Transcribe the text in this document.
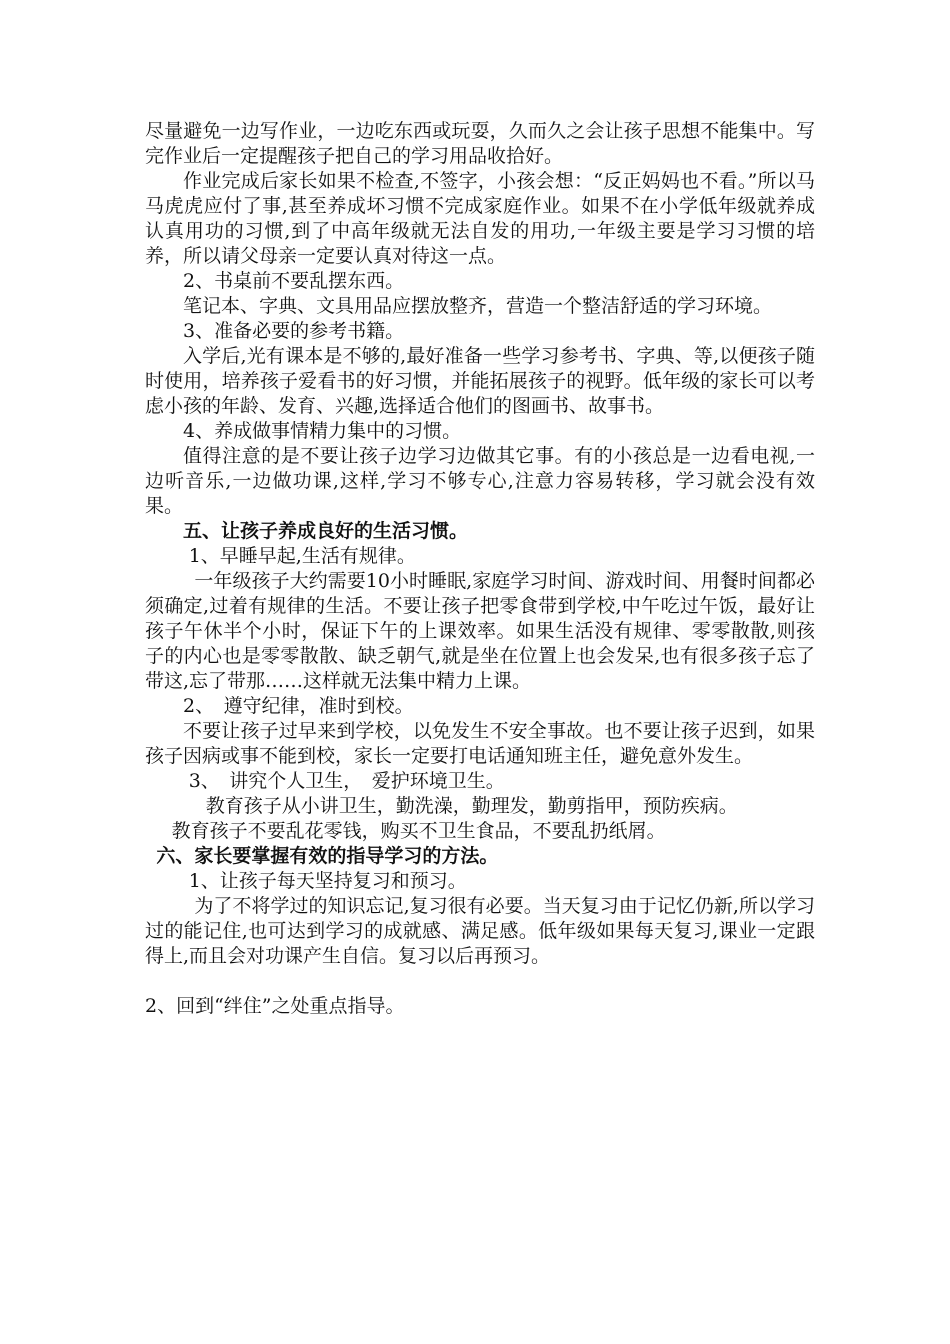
尽量避免一边写作业，一边吃东西或玩耍，久而久之会让孩子思想不能集中。写完作业后一定提醒孩子把自己的学习用品收拾好。

作业完成后家长如果不检查,不签字，小孩会想：“反正妈妈也不看。”所以马马虎虎应付了事,甚至养成坏习惯不完成家庭作业。如果不在小学低年级就养成认真用功的习惯,到了中高年级就无法自发的用功,一年级主要是学习习惯的培养，所以请父母亲一定要认真对待这一点。

2、书桌前不要乱摆东西。

笔记本、字典、文具用品应摆放整齐，营造一个整洁舒适的学习环境。

3、准备必要的参考书籍。

入学后,光有课本是不够的,最好准备一些学习参考书、字典、等,以便孩子随时使用，培养孩子爱看书的好习惯，并能拓展孩子的视野。低年级的家长可以考虑小孩的年龄、发育、兴趣,选择适合他们的图画书、故事书。

4、养成做事情精力集中的习惯。

值得注意的是不要让孩子边学习边做其它事。有的小孩总是一边看电视,一边听音乐,一边做功课,这样,学习不够专心,注意力容易转移，学习就会没有效果。

五、让孩子养成良好的生活习惯。

1、早睡早起,生活有规律。

一年级孩子大约需要10小时睡眠,家庭学习时间、游戏时间、用餐时间都必须确定,过着有规律的生活。不要让孩子把零食带到学校,中午吃过午饭，最好让孩子午休半个小时，保证下午的上课效率。如果生活没有规律、零零散散,则孩子的内心也是零零散散、缺乏朝气,就是坐在位置上也会发呆,也有很多孩子忘了带这,忘了带那……这样就无法集中精力上课。

2、　遵守纪律，准时到校。

不要让孩子过早来到学校，以免发生不安全事故。也不要让孩子迟到，如果孩子因病或事不能到校，家长一定要打电话通知班主任，避免意外发生。

3、　讲究个人卫生，　爱护环境卫生。

教育孩子从小讲卫生，勤洗澡，勤理发，勤剪指甲，预防疾病。

教育孩子不要乱花零钱，购买不卫生食品，不要乱扔纸屑。

六、家长要掌握有效的指导学习的方法。

1、让孩子每天坚持复习和预习。

为了不将学过的知识忘记,复习很有必要。当天复习由于记忆仍新,所以学习过的能记住,也可达到学习的成就感、满足感。低年级如果每天复习,课业一定跟得上,而且会对功课产生自信。复习以后再预习。

2、回到“绊住”之处重点指导。
